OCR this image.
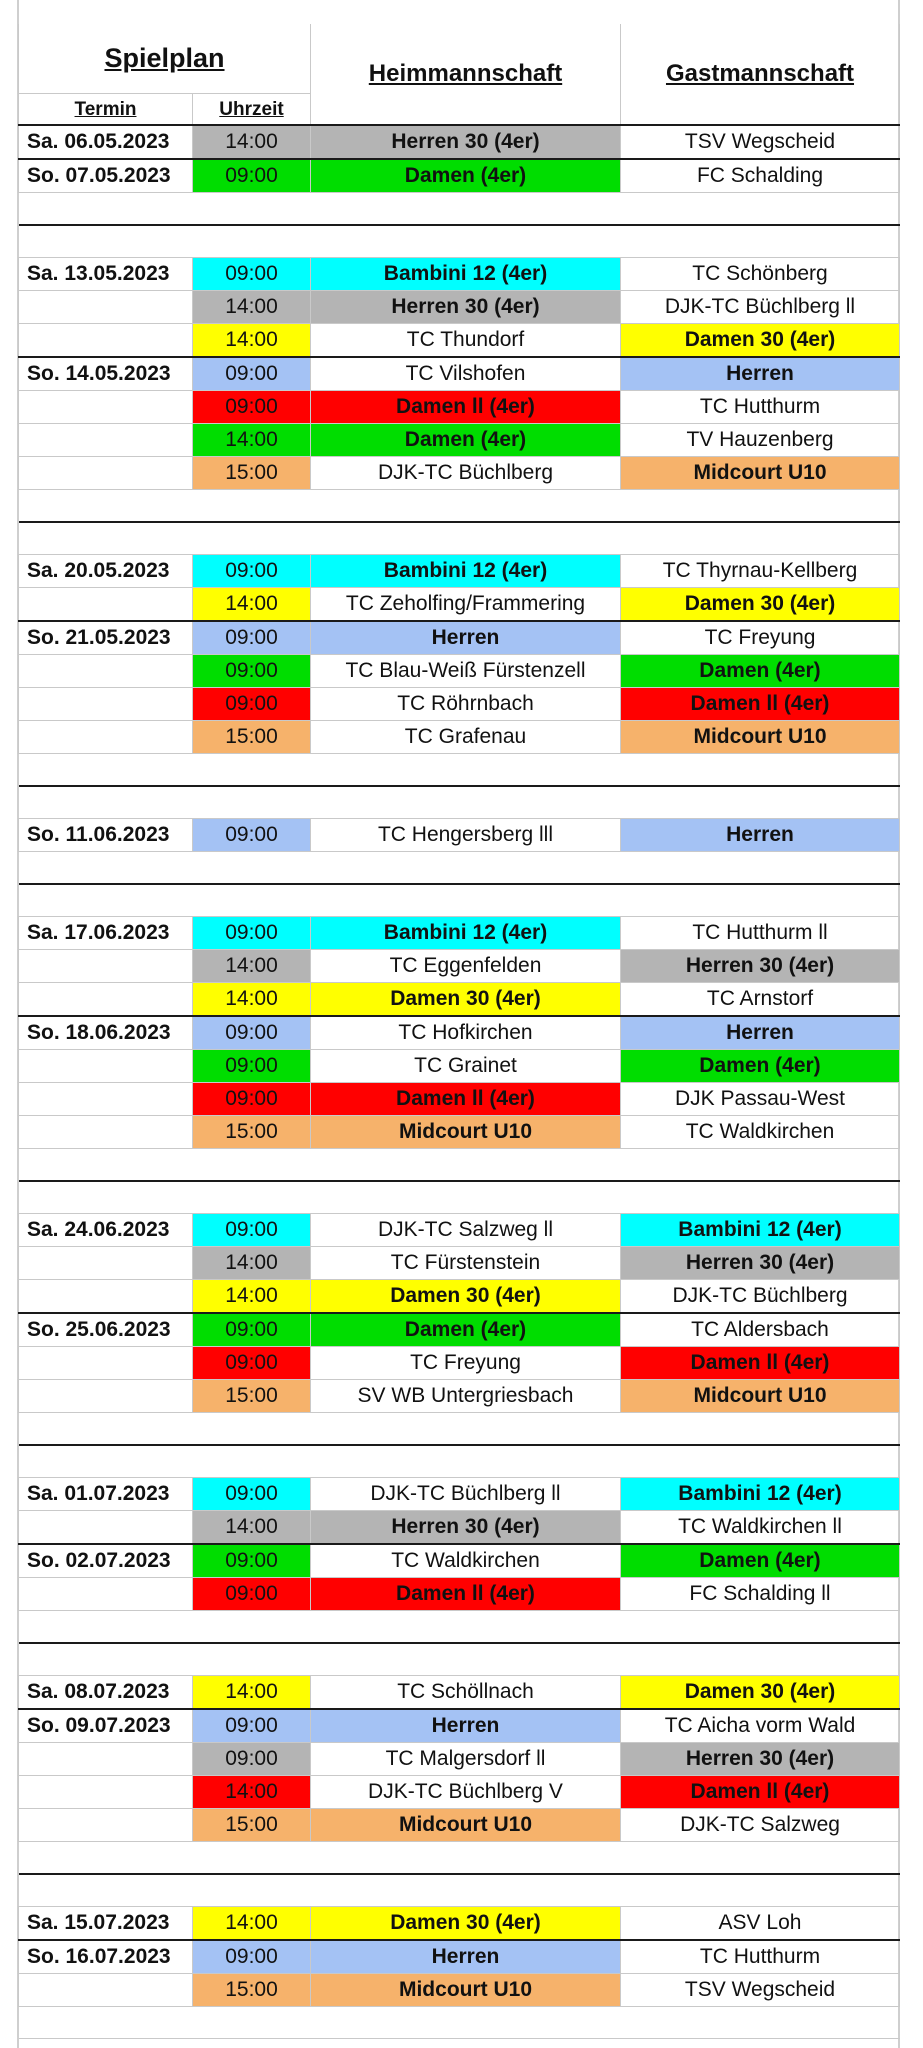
Spielplan		Heimmannschaft	Gastmannschaft
Termin	Uhrzeit		
Sa. 06.05.2023	14:00	Herren 30 (4er)	TSV Wegscheid
So. 07.05.2023	09:00	Damen (4er)	FC Schalding

Sa. 13.05.2023	09:00	Bambini 12 (4er)	TC Schönberg
	14:00	Herren 30 (4er)	DJK-TC Büchlberg ll
	14:00	TC Thundorf	Damen 30 (4er)
So. 14.05.2023	09:00	TC Vilshofen	Herren
	09:00	Damen ll (4er)	TC Hutthurm
	14:00	Damen (4er)	TV Hauzenberg
	15:00	DJK-TC Büchlberg	Midcourt U10

Sa. 20.05.2023	09:00	Bambini 12 (4er)	TC Thyrnau-Kellberg
	14:00	TC Zeholfing/Frammering	Damen 30 (4er)
So. 21.05.2023	09:00	Herren	TC Freyung
	09:00	TC Blau-Weiß Fürstenzell	Damen (4er)
	09:00	TC Röhrnbach	Damen ll (4er)
	15:00	TC Grafenau	Midcourt U10

So. 11.06.2023	09:00	TC Hengersberg lll	Herren

Sa. 17.06.2023	09:00	Bambini 12 (4er)	TC Hutthurm ll
	14:00	TC Eggenfelden	Herren 30 (4er)
	14:00	Damen 30 (4er)	TC Arnstorf
So. 18.06.2023	09:00	TC Hofkirchen	Herren
	09:00	TC Grainet	Damen (4er)
	09:00	Damen ll (4er)	DJK Passau-West
	15:00	Midcourt U10	TC Waldkirchen

Sa. 24.06.2023	09:00	DJK-TC Salzweg ll	Bambini 12 (4er)
	14:00	TC Fürstenstein	Herren 30 (4er)
	14:00	Damen 30 (4er)	DJK-TC Büchlberg
So. 25.06.2023	09:00	Damen (4er)	TC Aldersbach
	09:00	TC Freyung	Damen ll (4er)
	15:00	SV WB Untergriesbach	Midcourt U10

Sa. 01.07.2023	09:00	DJK-TC Büchlberg ll	Bambini 12 (4er)
	14:00	Herren 30 (4er)	TC Waldkirchen ll
So. 02.07.2023	09:00	TC Waldkirchen	Damen (4er)
	09:00	Damen ll (4er)	FC Schalding ll

Sa. 08.07.2023	14:00	TC Schöllnach	Damen 30 (4er)
So. 09.07.2023	09:00	Herren	TC Aicha vorm Wald
	09:00	TC Malgersdorf ll	Herren 30 (4er)
	14:00	DJK-TC Büchlberg V	Damen ll (4er)
	15:00	Midcourt U10	DJK-TC Salzweg

Sa. 15.07.2023	14:00	Damen 30 (4er)	ASV Loh
So. 16.07.2023	09:00	Herren	TC Hutthurm
	15:00	Midcourt U10	TSV Wegscheid
